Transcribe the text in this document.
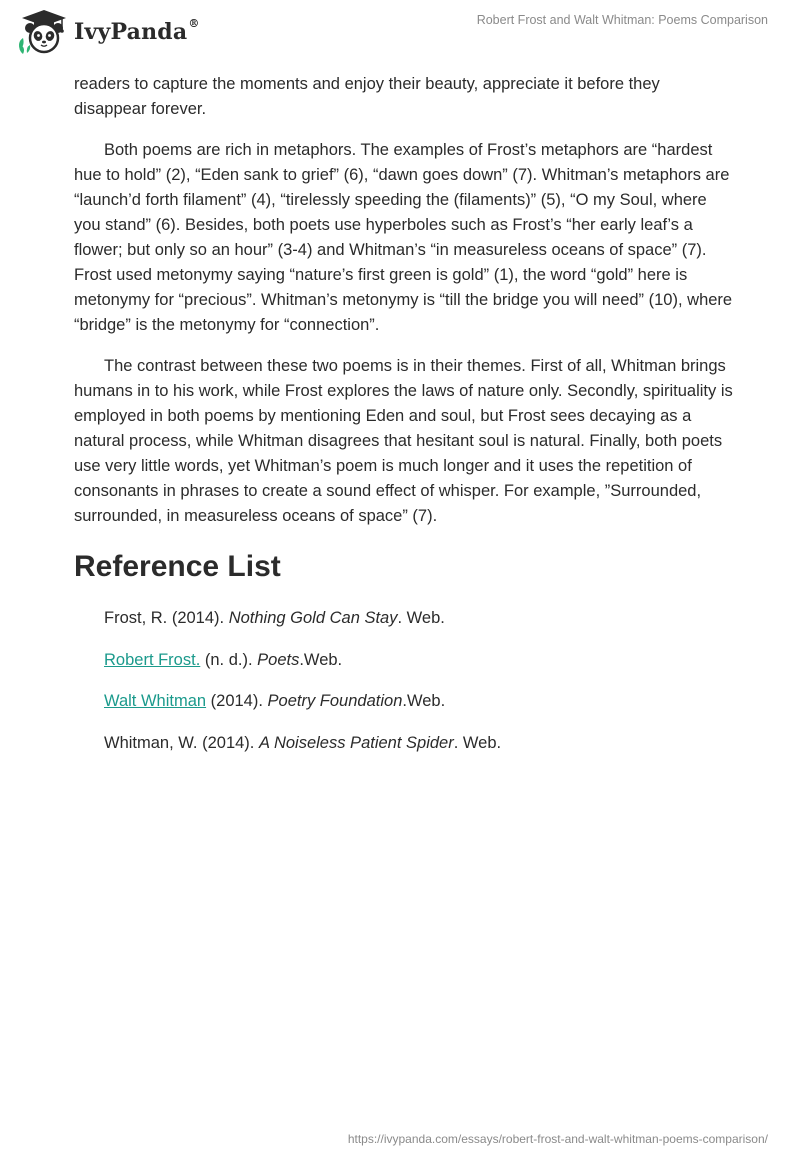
IvyPanda®	Robert Frost and Walt Whitman: Poems Comparison

readers to capture the moments and enjoy their beauty, appreciate it before they disappear forever.

Both poems are rich in metaphors. The examples of Frost’s metaphors are “hardest hue to hold” (2), “Eden sank to grief” (6), “dawn goes down” (7). Whitman’s metaphors are “launch’d forth filament” (4), “tirelessly speeding the (filaments)” (5), “O my Soul, where you stand” (6). Besides, both poets use hyperboles such as Frost’s “her early leaf’s a flower; but only so an hour” (3-4) and Whitman’s “in measureless oceans of space” (7). Frost used metonymy saying “nature’s first green is gold” (1), the word “gold” here is metonymy for “precious”. Whitman’s metonymy is “till the bridge you will need” (10), where “bridge” is the metonymy for “connection”.

The contrast between these two poems is in their themes. First of all, Whitman brings humans in to his work, while Frost explores the laws of nature only. Secondly, spirituality is employed in both poems by mentioning Eden and soul, but Frost sees decaying as a natural process, while Whitman disagrees that hesitant soul is natural. Finally, both poets use very little words, yet Whitman’s poem is much longer and it uses the repetition of consonants in phrases to create a sound effect of whisper. For example, ”Surrounded, surrounded, in measureless oceans of space” (7).

Reference List
Frost, R. (2014). Nothing Gold Can Stay. Web.
Robert Frost. (n. d.). Poets.Web.
Walt Whitman (2014). Poetry Foundation.Web.
Whitman, W. (2014). A Noiseless Patient Spider. Web.
https://ivypanda.com/essays/robert-frost-and-walt-whitman-poems-comparison/
